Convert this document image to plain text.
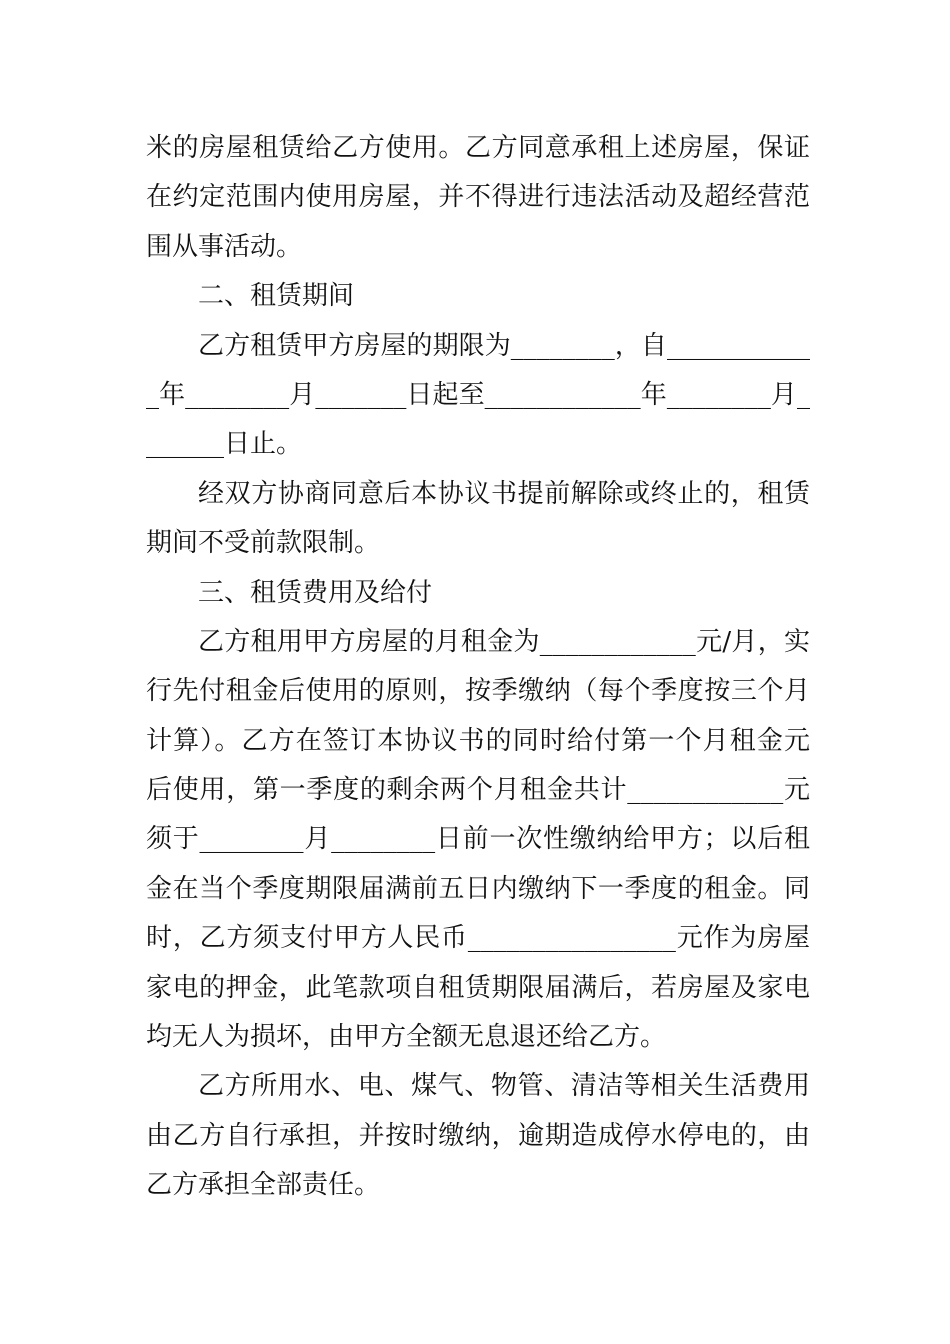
米的房屋租赁给乙方使用。乙方同意承租上述房屋，保证
在约定范围内使用房屋，并不得进行违法活动及超经营范
围从事活动。
二、租赁期间
乙方租赁甲方房屋的期限为________，自___________
_年________月_______日起至____________年________月_
______日止。
经双方协商同意后本协议书提前解除或终止的，租赁
期间不受前款限制。
三、租赁费用及给付
乙方租用甲方房屋的月租金为____________元/月，实
行先付租金后使用的原则，按季缴纳（每个季度按三个月
计算）。乙方在签订本协议书的同时给付第一个月租金元
后使用，第一季度的剩余两个月租金共计____________元
须于________月________日前一次性缴纳给甲方；以后租
金在当个季度期限届满前五日内缴纳下一季度的租金。同
时，乙方须支付甲方人民币________________元作为房屋
家电的押金，此笔款项自租赁期限届满后，若房屋及家电
均无人为损坏，由甲方全额无息退还给乙方。
乙方所用水、电、煤气、物管、清洁等相关生活费用
由乙方自行承担，并按时缴纳，逾期造成停水停电的，由
乙方承担全部责任。
